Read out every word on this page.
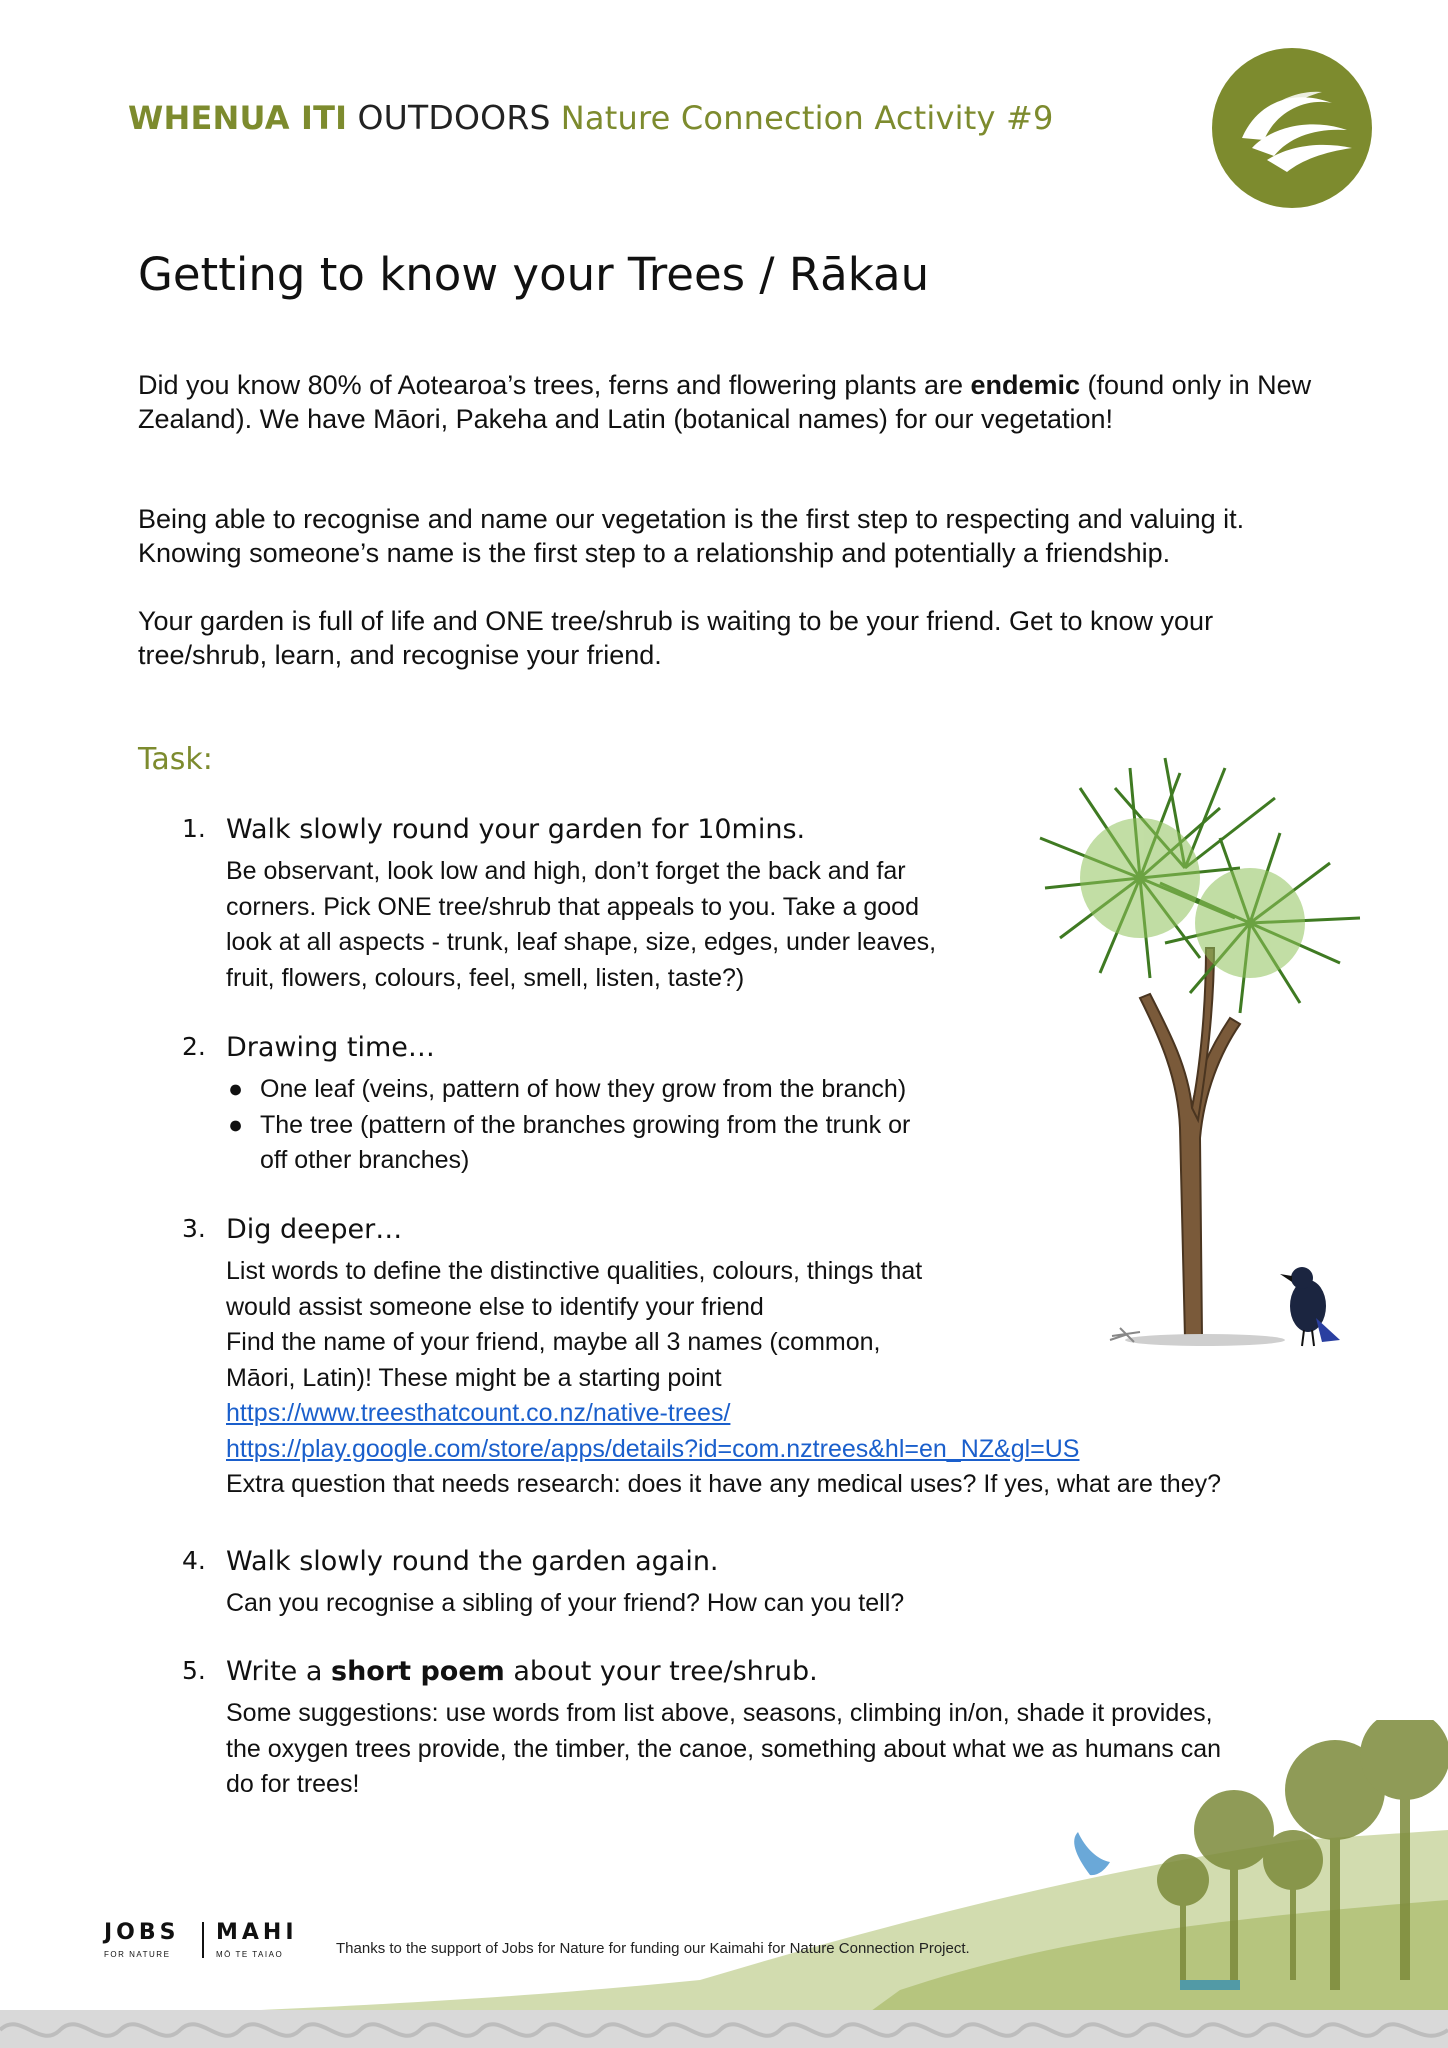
WHENUA ITI OUTDOORS Nature Connection Activity #9
Getting to know your Trees / Rākau

Did you know 80% of Aotearoa’s trees, ferns and flowering plants are endemic (found only in New Zealand). We have Māori, Pakeha and Latin (botanical names) for our vegetation!

Being able to recognise and name our vegetation is the first step to respecting and valuing it. Knowing someone’s name is the first step to a relationship and potentially a friendship.

Your garden is full of life and ONE tree/shrub is waiting to be your friend. Get to know your tree/shrub, learn, and recognise your friend.

Task:
1. Walk slowly round your garden for 10mins.
Be observant, look low and high, don’t forget the back and far
corners. Pick ONE tree/shrub that appeals to you. Take a good
look at all aspects - trunk, leaf shape, size, edges, under leaves,
fruit, flowers, colours, feel, smell, listen, taste?)
2. Drawing time…
● One leaf (veins, pattern of how they grow from the branch)
● The tree (pattern of the branches growing from the trunk or
off other branches)
3. Dig deeper…
List words to define the distinctive qualities, colours, things that
would assist someone else to identify your friend
Find the name of your friend, maybe all 3 names (common,
Māori, Latin)! These might be a starting point
https://www.treesthatcount.co.nz/native-trees/
https://play.google.com/store/apps/details?id=com.nztrees&hl=en_NZ&gl=US
Extra question that needs research: does it have any medical uses? If yes, what are they?
4. Walk slowly round the garden again.
Can you recognise a sibling of your friend? How can you tell?
5. Write a short poem about your tree/shrub.
Some suggestions: use words from list above, seasons, climbing in/on, shade it provides,
the oxygen trees provide, the timber, the canoe, something about what we as humans can
do for trees!
JOBS MAHI
FOR NATURE	MŌ TE TAIAO	Thanks to the support of Jobs for Nature for funding our Kaimahi for Nature Connection Project.
